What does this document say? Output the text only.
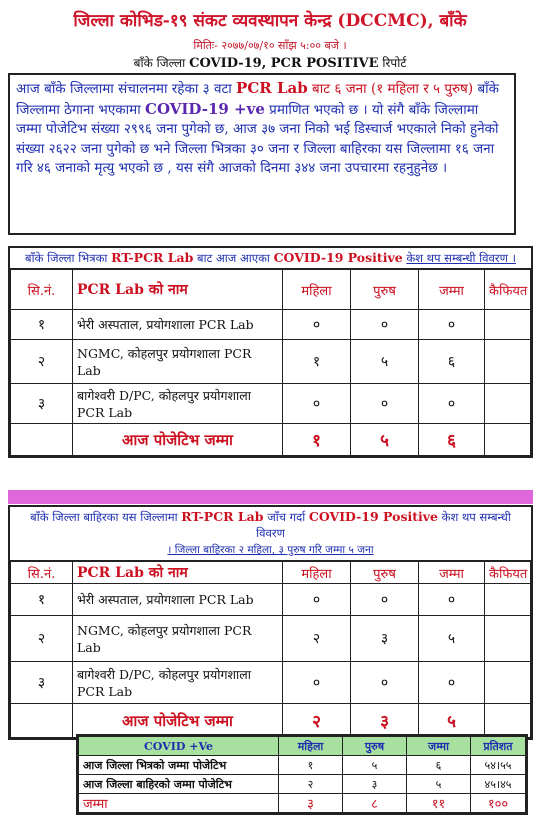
जिल्ला कोभिड-१९ संकट व्यवस्थापन केन्द्र (DCCMC), बाँके
मितिः- २०७७/०७/१० साँझ ५:०० बजे ।
बाँके जिल्ला COVID-19, PCR POSITIVE रिपोर्ट
आज बाँके जिल्लामा संचालनमा रहेका ३ वटा PCR Lab बाट ६ जना (१ महिला र ५ पुरुष) बाँके जिल्लामा ठेगाना भएकामा COVID-19 +ve प्रमाणित भएको छ । यो संगै बाँके जिल्लामा जम्मा पोजेटिभ संख्या २९९६ जना पुगेको छ, आज ३७ जना निको भई डिस्चार्ज भएकाले निको हुनेको संख्या २६२२ जना पुगेको छ भने जिल्ला भित्रका ३० जना र जिल्ला बाहिरका यस जिल्लामा १६ जना गरि ४६ जनाको मृत्यु भएको छ , यस संगै आजको दिनमा ३४४ जना उपचारमा रहनुहुनेछ ।
बाँके जिल्ला भित्रका RT-PCR Lab बाट आज आएका COVID-19 Positive केश थप सम्बन्धी विवरण ।
सि.नं.	PCR Lab को नाम	महिला	पुरुष	जम्मा	कैफियत
१	भेरी अस्पताल, प्रयोगशाला PCR Lab	०	०	०	
२	NGMC, कोहलपुर प्रयोगशाला PCR Lab	१	५	६	
३	बागेश्वरी D/PC, कोहलपुर प्रयोगशाला PCR Lab	०	०	०	
	आज पोजेटिभ जम्मा	१	५	६	
बाँके जिल्ला बाहिरका यस जिल्लामा RT-PCR Lab जाँच गर्दा COVID-19 Positive केश थप सम्बन्धी विवरण
। जिल्ला बाहिरका २ महिला, ३ पुरुष गरि जम्मा ५ जना
सि.नं.	PCR Lab को नाम	महिला	पुरुष	जम्मा	कैफियत
१	भेरी अस्पताल, प्रयोगशाला PCR Lab	०	०	०	
२	NGMC, कोहलपुर प्रयोगशाला PCR Lab	२	३	५	
३	बागेश्वरी D/PC, कोहलपुर प्रयोगशाला PCR Lab	०	०	०	
	आज पोजेटिभ जम्मा	२	३	५	
COVID +Ve	महिला	पुरुष	जम्मा	प्रतिशत
आज जिल्ला भित्रको जम्मा पोजेटिभ	१	५	६	५४।५५
आज जिल्ला बाहिरको जम्मा पोजेटिभ	२	३	५	४५।४५
जम्मा	३	८	११	१००
